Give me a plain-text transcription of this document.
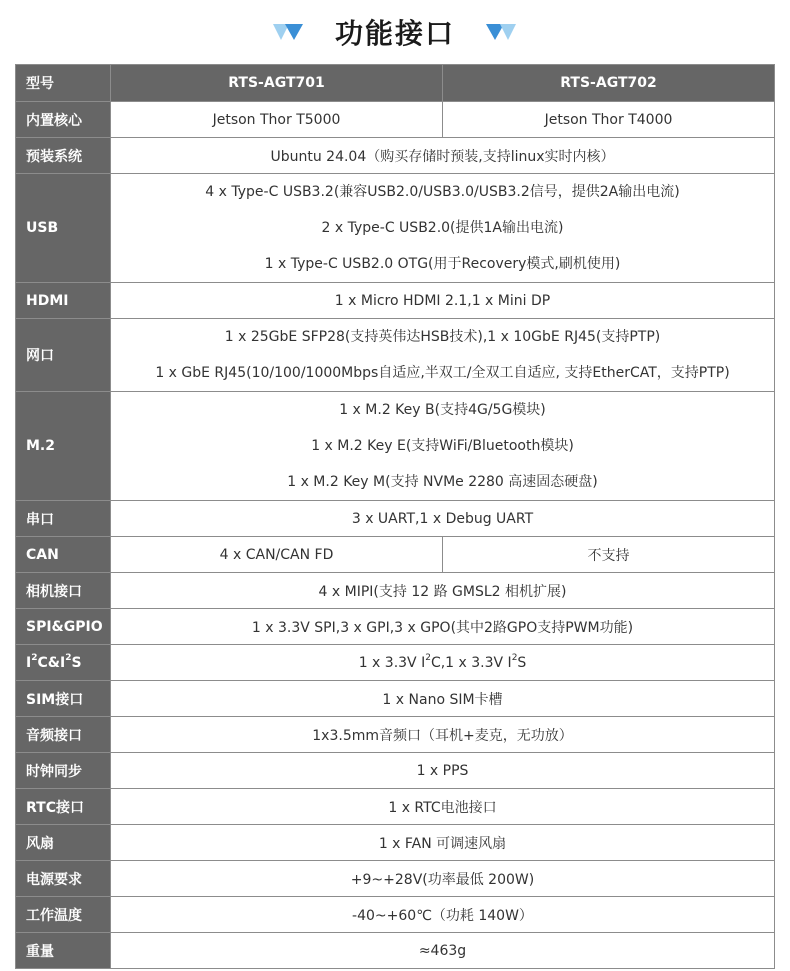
功能接口
型号	RTS-AGT701	RTS-AGT702
内置核心	Jetson Thor T5000	Jetson Thor T4000
预装系统	Ubuntu 24.04（购买存储时预装,支持linux实时内核）	
USB	4 x Type-C USB3.2(兼容USB2.0/USB3.0/USB3.2信号，提供2A输出电流)
2 x Type-C USB2.0(提供1A输出电流)
1 x Type-C USB2.0 OTG(用于Recovery模式,刷机使用)	

HDMI	1 x Micro HDMI 2.1,1 x Mini DP	
网口	1 x 25GbE SFP28(支持英伟达HSB技术),1 x 10GbE RJ45(支持PTP)
1 x GbE RJ45(10/100/1000Mbps自适应,半双工/全双工自适应, 支持EtherCAT，支持PTP)	

M.2	1 x M.2 Key B(支持4G/5G模块)
1 x M.2 Key E(支持WiFi/Bluetooth模块)
1 x M.2 Key M(支持 NVMe 2280 高速固态硬盘)	

串口	3 x UART,1 x Debug UART	
CAN	4 x CAN/CAN FD	不支持
相机接口	4 x MIPI(支持 12 路 GMSL2 相机扩展)	
SPI&GPIO	1 x 3.3V SPI,3 x GPI,3 x GPO(其中2路GPO支持PWM功能)	
$I^2C\&I^2S$	1 x 3.3V $I^2C,1$ x 3.3V $I^2S$	
SIM接口	1 x Nano SIM卡槽	
音频接口	1x3.5mm音频口（耳机+麦克，无功放）	
时钟同步	1 x PPS	
RTC接口	1 x RTC电池接口	
风扇	1 x FAN 可调速风扇	
电源要求	+9~+28V(功率最低 200W)	
工作温度	-40~+60℃（功耗 140W）	
重量	≈463g	
